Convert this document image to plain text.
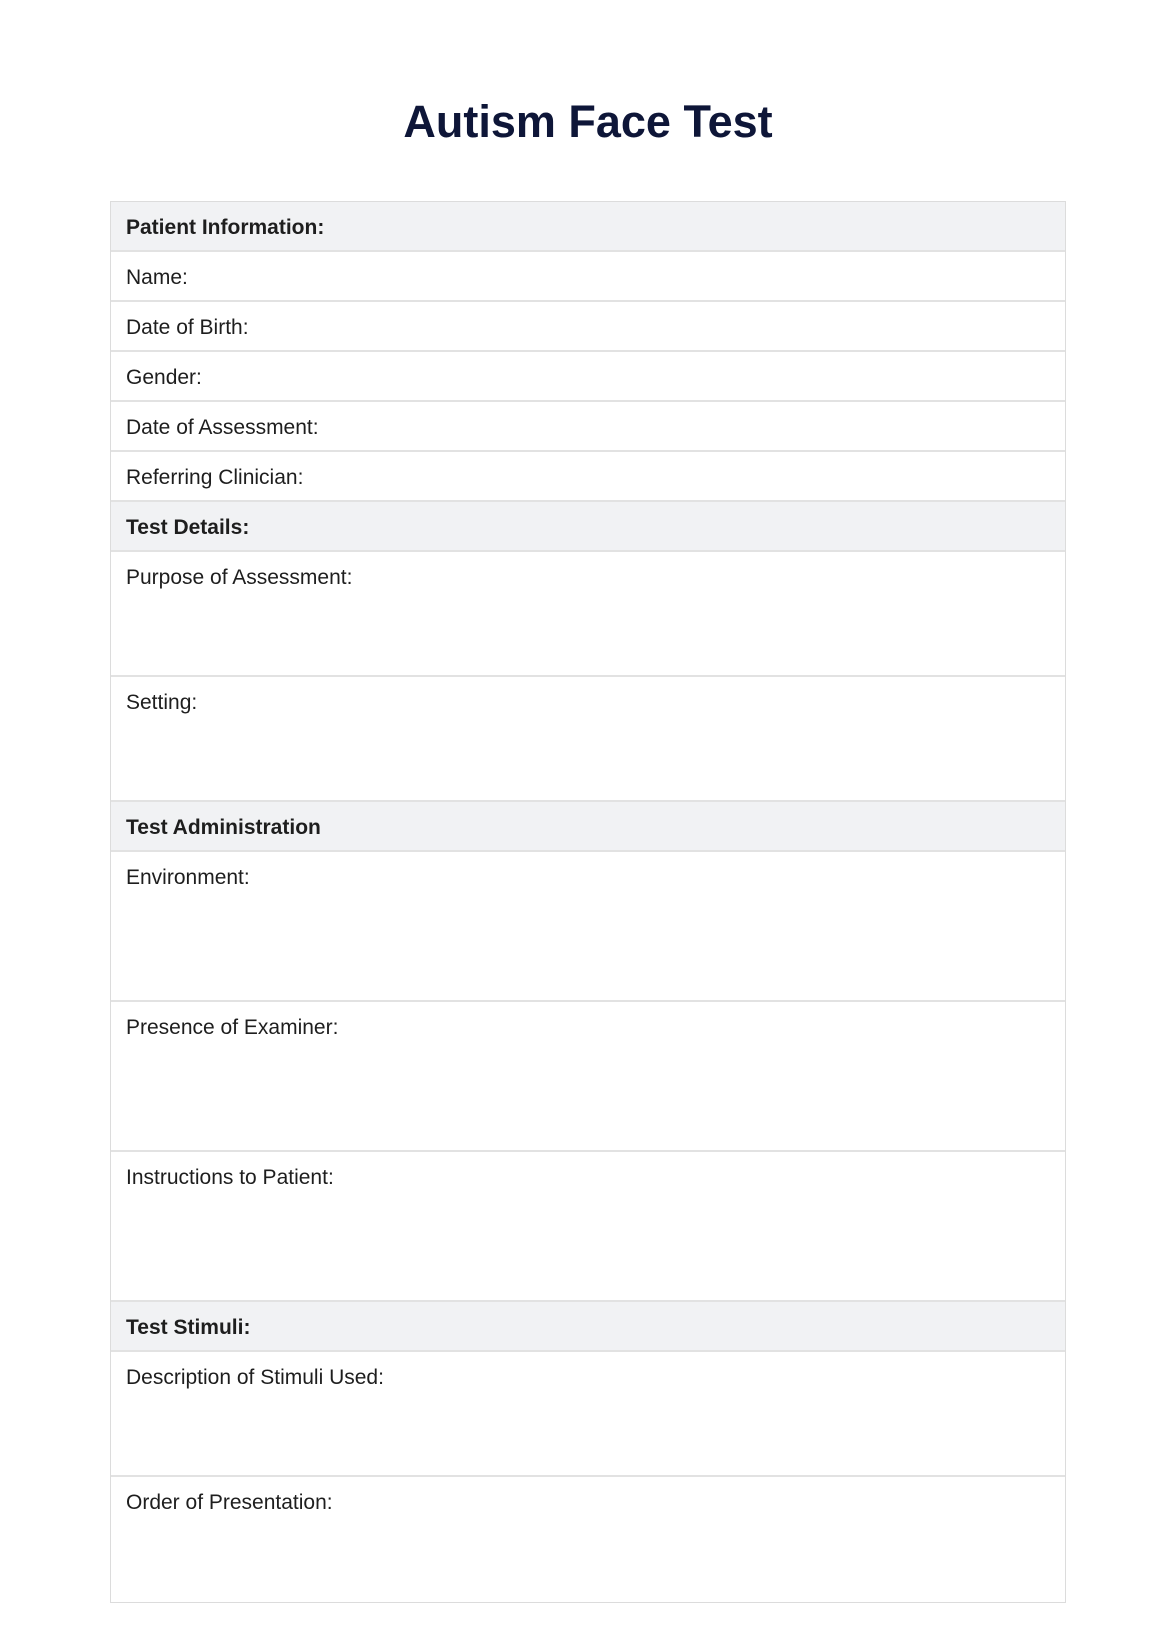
Autism Face Test
Patient Information:
Name:
Date of Birth:
Gender:
Date of Assessment:
Referring Clinician:
Test Details:
Purpose of Assessment:
Setting:
Test Administration
Environment:
Presence of Examiner:
Instructions to Patient:
Test Stimuli:
Description of Stimuli Used:
Order of Presentation:
